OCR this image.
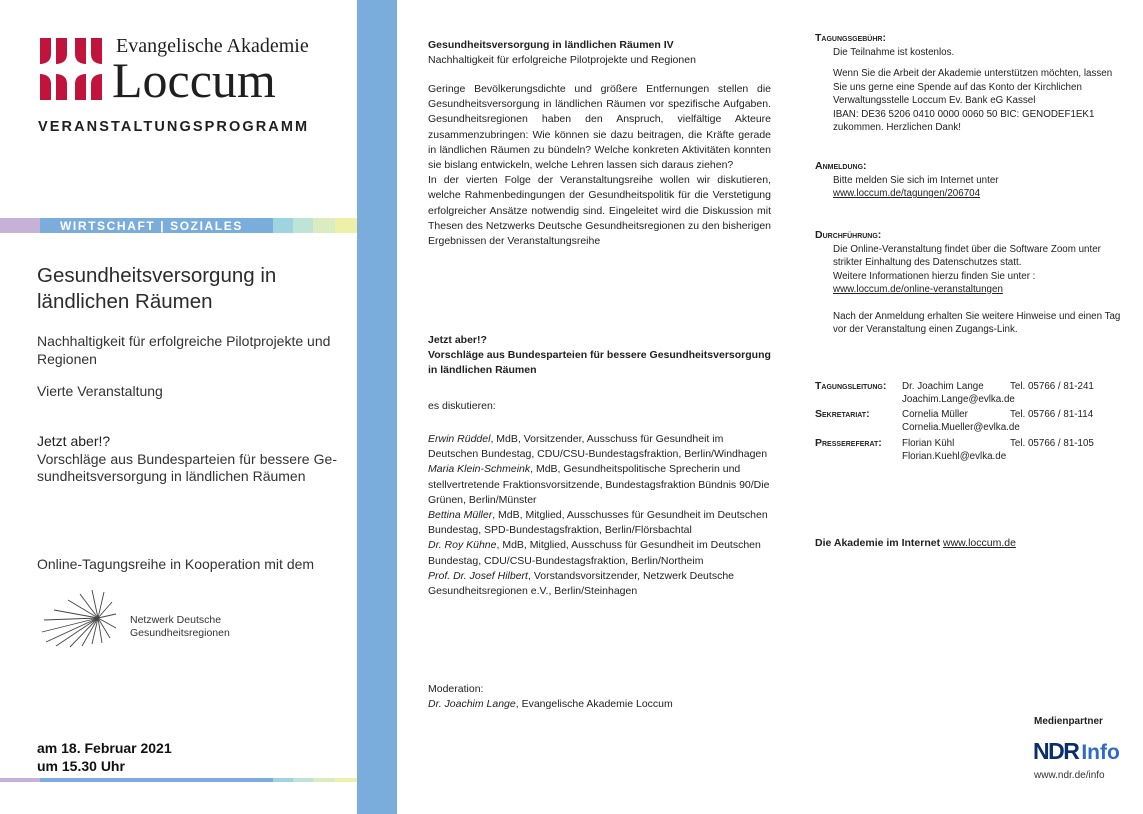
Evangelische Akademie
Loccum
VERANSTALTUNGSPROGRAMM
WIRTSCHAFT | SOZIALES
Gesundheitsversorgung in ländlichen Räumen
Nachhaltigkeit für erfolgreiche Pilotprojekte und Regionen
Vierte Veranstaltung
Jetzt aber!?
Vorschläge aus Bundesparteien für bessere Ge-sundheitsversorgung in ländlichen Räumen
Online-Tagungsreihe in Kooperation mit dem
Netzwerk Deutsche
Gesundheitsregionen
am 18. Februar 2021
um 15.30 Uhr
Gesundheitsversorgung in ländlichen Räumen IV
Nachhaltigkeit für erfolgreiche Pilotprojekte und Regionen
Geringe Bevölkerungsdichte und größere Entfernungen stellen die Gesundheitsversorgung in ländlichen Räumen vor spezifische Aufgaben. Gesundheitsregionen haben den Anspruch, vielfältige Akteure zusammenzubringen: Wie können sie dazu beitragen, die Kräfte gerade in ländlichen Räumen zu bündeln? Welche konkreten Aktivitäten konnten sie bislang entwickeln, welche Lehren lassen sich daraus ziehen?
In der vierten Folge der Veranstaltungsreihe wollen wir diskutieren, welche Rahmenbedingungen der Gesundheitspolitik für die Verstetigung erfolgreicher Ansätze notwendig sind. Eingeleitet wird die Diskussion mit Thesen des Netzwerks Deutsche Gesundheitsregionen zu den bisherigen Ergebnissen der Veranstaltungsreihe
Jetzt aber!?
Vorschläge aus Bundesparteien für bessere Gesundheitsversorgung in ländlichen Räumen
es diskutieren:
Erwin Rüddel, MdB, Vorsitzender, Ausschuss für Gesundheit im Deutschen Bundestag, CDU/CSU-Bundestagsfraktion, Berlin/Windhagen
Maria Klein-Schmeink, MdB, Gesundheitspolitische Sprecherin und stellvertretende Fraktionsvorsitzende, Bundestagsfraktion Bündnis 90/Die Grünen, Berlin/Münster
Bettina Müller, MdB, Mitglied, Ausschusses für Gesundheit im Deutschen Bundestag, SPD-Bundestagsfraktion, Berlin/Flörsbachtal
Dr. Roy Kühne, MdB, Mitglied, Ausschuss für Gesundheit im Deutschen Bundestag, CDU/CSU-Bundestagsfraktion, Berlin/Northeim
Prof. Dr. Josef Hilbert, Vorstandsvorsitzender, Netzwerk Deutsche Gesundheitsregionen e.V., Berlin/Steinhagen
Moderation:
Dr. Joachim Lange, Evangelische Akademie Loccum
Tagungsgebühr:
Die Teilnahme ist kostenlos.
Wenn Sie die Arbeit der Akademie unterstützen möchten, lassen Sie uns gerne eine Spende auf das Konto der Kirchlichen Verwaltungsstelle Loccum Ev. Bank eG Kassel
IBAN: DE36 5206 0410 0000 0060 50 BIC: GENODEF1EK1
zukommen. Herzlichen Dank!
Anmeldung:
Bitte melden Sie sich im Internet unter
www.loccum.de/tagungen/206704
Durchführung:
Die Online-Veranstaltung findet über die Software Zoom unter strikter Einhaltung des Datenschutzes statt.
Weitere Informationen hierzu finden Sie unter :
www.loccum.de/online-veranstaltungen
Nach der Anmeldung erhalten Sie weitere Hinweise und einen Tag vor der Veranstaltung einen Zugangs-Link.
Tagungsleitung: Dr. Joachim Lange	Tel. 05766 / 81-241
Joachim.Lange@evlka.de
Sekretariat:	Cornelia Müller	Tel. 05766 / 81-114
Cornelia.Mueller@evlka.de
Pressereferat: Florian Kühl	Tel. 05766 / 81-105
Florian.Kuehl@evlka.de
Die Akademie im Internet www.loccum.de
Medienpartner
NDR Info
www.ndr.de/info
